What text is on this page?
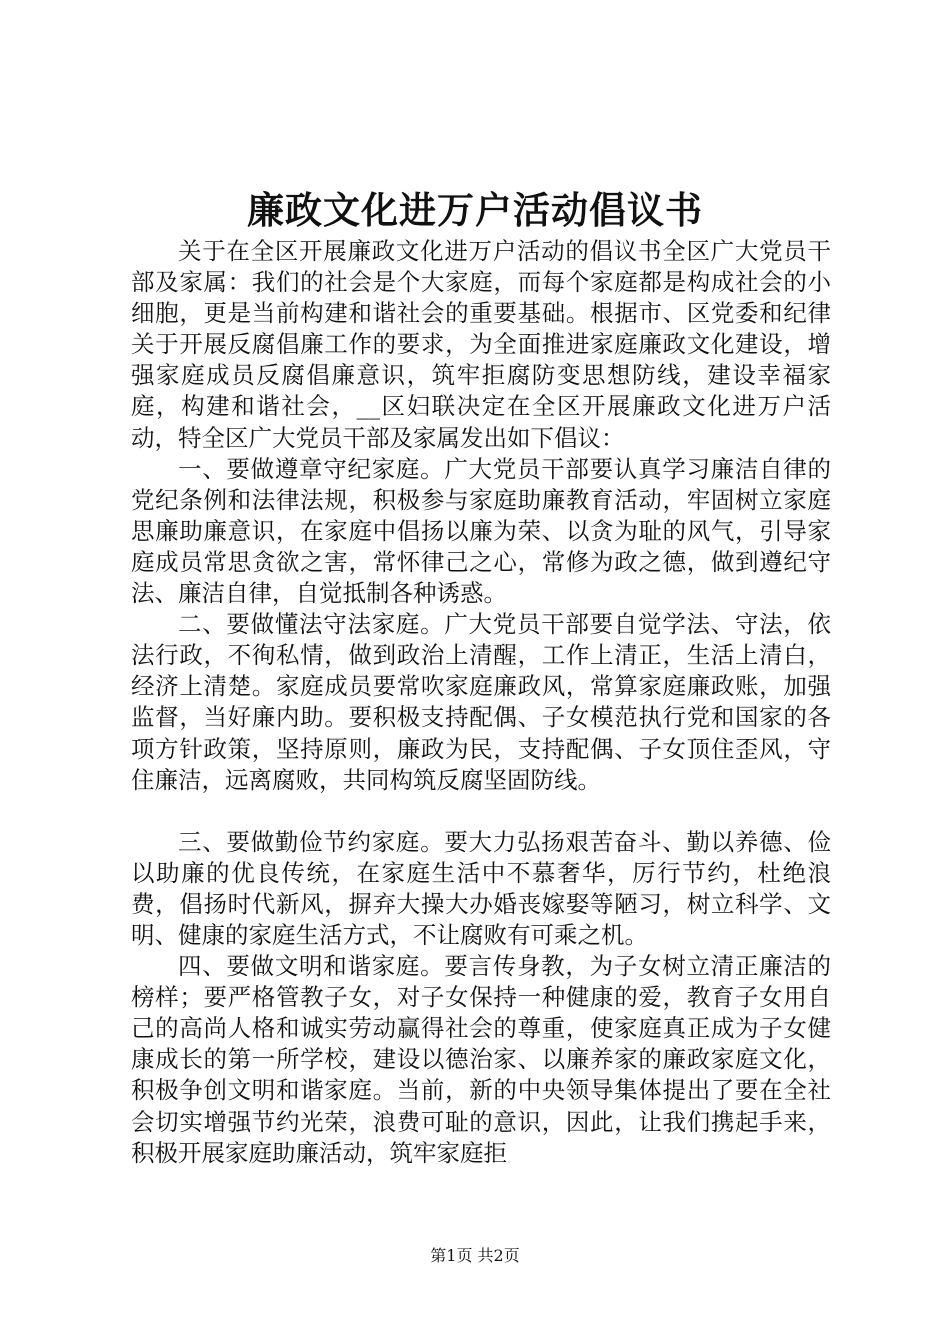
廉政文化进万户活动倡议书

关于在全区开展廉政文化进万户活动的倡议书全区广大党员干部及家属：我们的社会是个大家庭，而每个家庭都是构成社会的小细胞，更是当前构建和谐社会的重要基础。根据市、区党委和纪律关于开展反腐倡廉工作的要求，为全面推进家庭廉政文化建设，增强家庭成员反腐倡廉意识，筑牢拒腐防变思想防线，建设幸福家庭，构建和谐社会，__区妇联决定在全区开展廉政文化进万户活动，特全区广大党员干部及家属发出如下倡议：

一、要做遵章守纪家庭。广大党员干部要认真学习廉洁自律的党纪条例和法律法规，积极参与家庭助廉教育活动，牢固树立家庭思廉助廉意识，在家庭中倡扬以廉为荣、以贪为耻的风气，引导家庭成员常思贪欲之害，常怀律己之心，常修为政之德，做到遵纪守法、廉洁自律，自觉抵制各种诱惑。

二、要做懂法守法家庭。广大党员干部要自觉学法、守法，依法行政，不徇私情，做到政治上清醒，工作上清正，生活上清白，经济上清楚。家庭成员要常吹家庭廉政风，常算家庭廉政账，加强监督，当好廉内助。要积极支持配偶、子女模范执行党和国家的各项方针政策，坚持原则，廉政为民，支持配偶、子女顶住歪风，守住廉洁，远离腐败，共同构筑反腐坚固防线。

三、要做勤俭节约家庭。要大力弘扬艰苦奋斗、勤以养德、俭以助廉的优良传统，在家庭生活中不慕奢华，厉行节约，杜绝浪费，倡扬时代新风，摒弃大操大办婚丧嫁娶等陋习，树立科学、文明、健康的家庭生活方式，不让腐败有可乘之机。

四、要做文明和谐家庭。要言传身教，为子女树立清正廉洁的榜样；要严格管教子女，对子女保持一种健康的爱，教育子女用自己的高尚人格和诚实劳动赢得社会的尊重，使家庭真正成为子女健康成长的第一所学校，建设以德治家、以廉养家的廉政家庭文化，积极争创文明和谐家庭。当前，新的中央领导集体提出了要在全社会切实增强节约光荣，浪费可耻的意识，因此，让我们携起手来，积极开展家庭助廉活动，筑牢家庭拒

第1页 共2页
